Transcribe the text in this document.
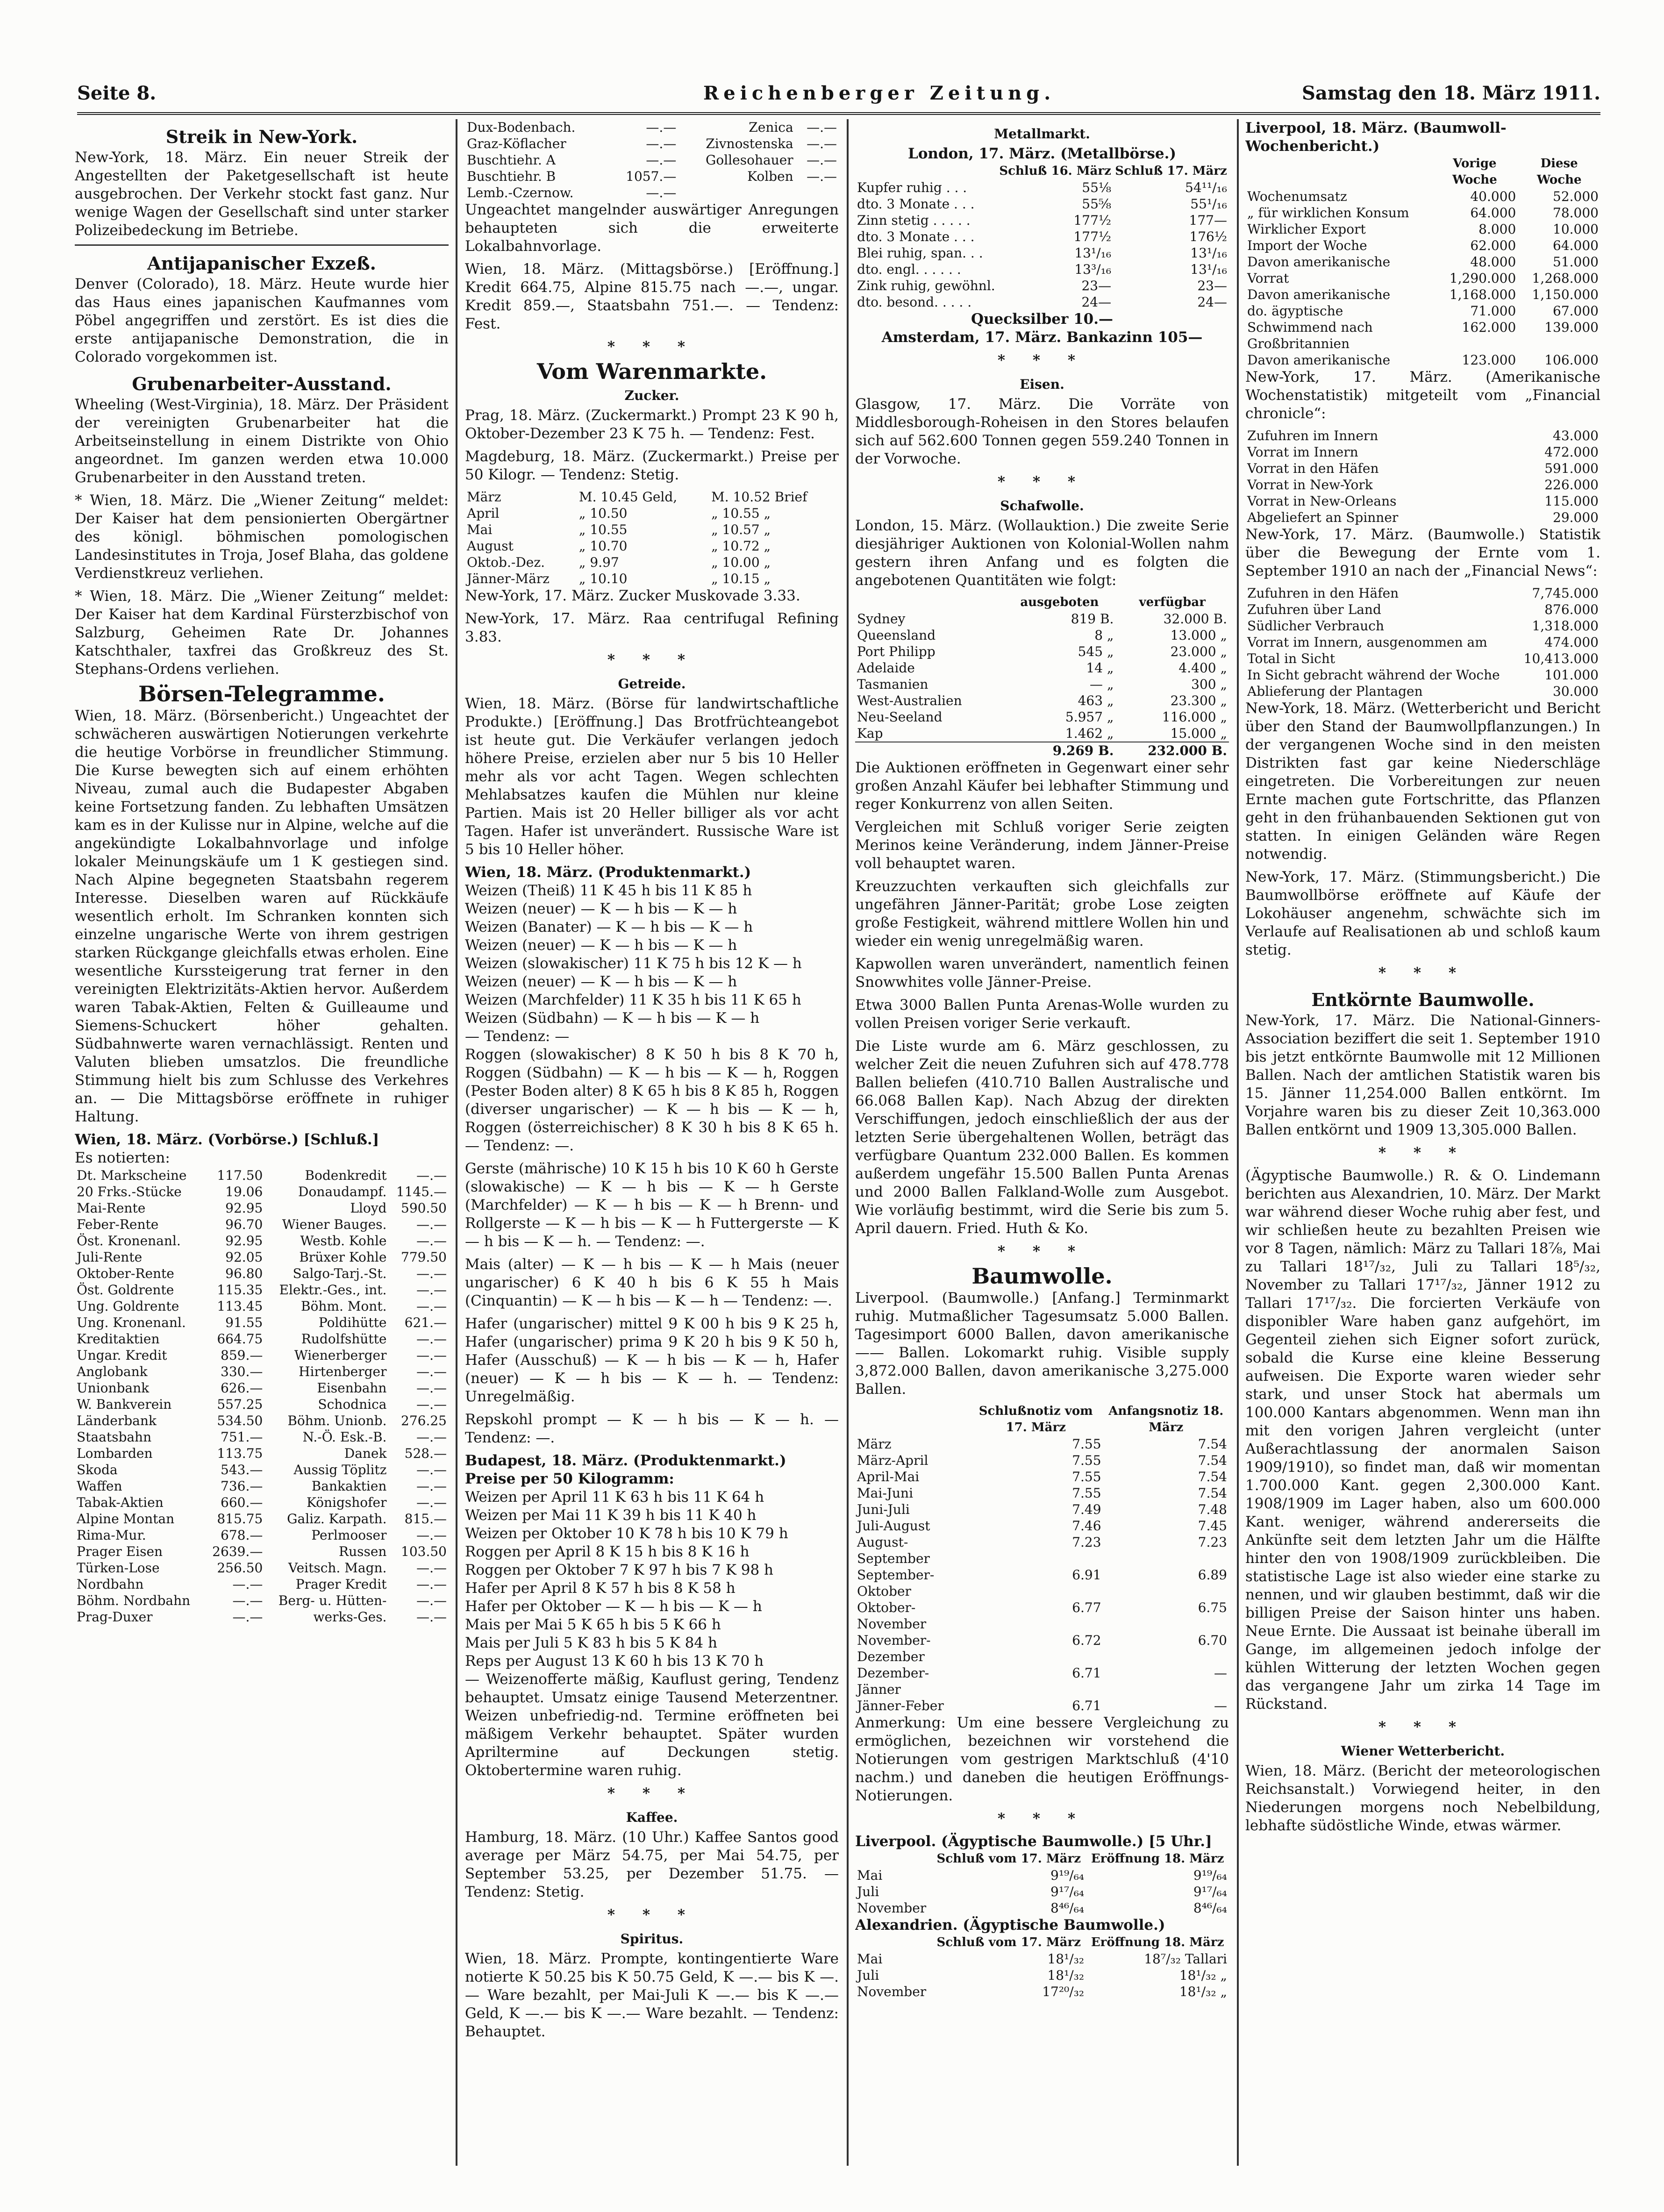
Seite 8.	Reichenberger Zeitung.	Samstag den 18. März 1911.
Streik in New-York.

New-York, 18. März. Ein neuer Streik der Angestellten der Paketgesellschaft ist heute ausgebrochen. Der Verkehr stockt fast ganz. Nur wenige Wagen der Gesellschaft sind unter starker Polizeibedeckung im Betriebe.

Antijapanischer Exzeß.

Denver (Colorado), 18. März. Heute wurde hier das Haus eines japanischen Kaufmannes vom Pöbel angegriffen und zerstört. Es ist dies die erste antijapanische Demonstration, die in Colorado vorgekommen ist.

Grubenarbeiter-Ausstand.

Wheeling (West-Virginia), 18. März. Der Präsident der vereinigten Grubenarbeiter hat die Arbeitseinstellung in einem Distrikte von Ohio angeordnet. Im ganzen werden etwa 10.000 Grubenarbeiter in den Ausstand treten.

* Wien, 18. März. Die „Wiener Zeitung“ meldet: Der Kaiser hat dem pensionierten Obergärtner des königl. böhmischen pomologischen Landesinstitutes in Troja, Josef Blaha, das goldene Verdienstkreuz verliehen.

* Wien, 18. März. Die „Wiener Zeitung“ meldet: Der Kaiser hat dem Kardinal Fürsterzbischof von Salzburg, Geheimen Rate Dr. Johannes Katschthaler, taxfrei das Großkreuz des St. Stephans-Ordens verliehen.

Börsen-Telegramme.

Wien, 18. März. (Börsenbericht.) Ungeachtet der schwächeren auswärtigen Notierungen verkehrte die heutige Vorbörse in freundlicher Stimmung. Die Kurse bewegten sich auf einem erhöhten Niveau, zumal auch die Budapester Abgaben keine Fortsetzung fanden. Zu lebhaften Umsätzen kam es in der Kulisse nur in Alpine, welche auf die angekündigte Lokalbahnvorlage und infolge lokaler Meinungskäufe um 1 K gestiegen sind. Nach Alpine begegneten Staatsbahn regerem Interesse. Dieselben waren auf Rückkäufe wesentlich erholt. Im Schranken konnten sich einzelne ungarische Werte von ihrem gestrigen starken Rückgange gleichfalls etwas erholen. Eine wesentliche Kurssteigerung trat ferner in den vereinigten Elektrizitäts-Aktien hervor. Außerdem waren Tabak-Aktien, Felten & Guilleaume und Siemens-Schuckert höher gehalten. Südbahnwerte waren vernachlässigt. Renten und Valuten blieben umsatzlos. Die freundliche Stimmung hielt bis zum Schlusse des Verkehres an. — Die Mittagsbörse eröffnete in ruhiger Haltung.

Wien, 18. März. (Vorbörse.) [Schluß.]
Es notierten:
Dt. Markscheine	117.50	Bodenkredit	—.—
20 Frks.-Stücke	19.06	Donaudampf.	1145.—
Mai-Rente	92.95	Lloyd	590.50
Feber-Rente	96.70	Wiener Bauges.	—.—
Öst. Kronenanl.	92.95	Westb. Kohle	—.—
Juli-Rente	92.05	Brüxer Kohle	779.50
Oktober-Rente	96.80	Salgo-Tarj.-St.	—.—
Öst. Goldrente	115.35	Elektr.-Ges., int.	—.—
Ung. Goldrente	113.45	Böhm. Mont.	—.—
Ung. Kronenanl.	91.55	Poldihütte	621.—
Kreditaktien	664.75	Rudolfshütte	—.—
Ungar. Kredit	859.—	Wienerberger	—.—
Anglobank	330.—	Hirtenberger	—.—
Unionbank	626.—	Eisenbahn	—.—
W. Bankverein	557.25	Schodnica	—.—
Länderbank	534.50	Böhm. Unionb.	276.25
Staatsbahn	751.—	N.-Ö. Esk.-B.	—.—
Lombarden	113.75	Danek	528.—
Skoda	543.—	Aussig Töplitz	—.—
Waffen	736.—	Bankaktien	—.—
Tabak-Aktien	660.—	Königshofer	—.—
Alpine Montan	815.75	Galiz. Karpath.	815.—
Rima-Mur.	678.—	Perlmooser	—.—
Prager Eisen	2639.—	Russen	103.50
Türken-Lose	256.50	Veitsch. Magn.	—.—
Nordbahn	—.—	Prager Kredit	—.—
Böhm. Nordbahn	—.—	Berg- u. Hütten-	—.—
Prag-Duxer	—.—	werks-Ges.	—.—
Dux-Bodenbach.	—.—	Zenica	—.—
Graz-Köflacher	—.—	Zivnostenska	—.—
Buschtiehr. A	—.—	Gollesohauer	—.—
Buschtiehr. B	1057.—	Kolben	—.—
Lemb.-Czernow.	—.—		

Ungeachtet mangelnder auswärtiger Anregungen behaupteten sich die erweiterte Lokalbahnvorlage.

Wien, 18. März. (Mittagsbörse.) [Eröffnung.] Kredit 664.75, Alpine 815.75 nach —.—, ungar. Kredit 859.—, Staatsbahn 751.—. — Tendenz: Fest.

* * *
Vom Warenmarkte.
Zucker.

Prag, 18. März. (Zuckermarkt.) Prompt 23 K 90 h, Oktober-Dezember 23 K 75 h. — Tendenz: Fest.

Magdeburg, 18. März. (Zuckermarkt.) Preise per 50 Kilogr. — Tendenz: Stetig.

März	M. 10.45 Geld,	M. 10.52 Brief
April	„ 10.50	„ 10.55 „
Mai	„ 10.55	„ 10.57 „
August	„ 10.70	„ 10.72 „
Oktob.-Dez.	„ 9.97	„ 10.00 „
Jänner-März	„ 10.10	„ 10.15 „

New-York, 17. März. Zucker Muskovade 3.33.

New-York, 17. März. Raa centrifugal Refining 3.83.

* * *
Getreide.

Wien, 18. März. (Börse für landwirtschaftliche Produkte.) [Eröffnung.] Das Brotfrüchteangebot ist heute gut. Die Verkäufer verlangen jedoch höhere Preise, erzielen aber nur 5 bis 10 Heller mehr als vor acht Tagen. Wegen schlechten Mehlabsatzes kaufen die Mühlen nur kleine Partien. Mais ist 20 Heller billiger als vor acht Tagen. Hafer ist unverändert. Russische Ware ist 5 bis 10 Heller höher.

Wien, 18. März. (Produktenmarkt.)
Weizen (Theiß) 11 K 45 h bis 11 K 85 h
Weizen (neuer) — K — h bis — K — h
Weizen (Banater) — K — h bis — K — h
Weizen (neuer) — K — h bis — K — h
Weizen (slowakischer) 11 K 75 h bis 12 K — h
Weizen (neuer) — K — h bis — K — h
Weizen (Marchfelder) 11 K 35 h bis 11 K 65 h
Weizen (Südbahn) — K — h bis — K — h
— Tendenz: —

Roggen (slowakischer) 8 K 50 h bis 8 K 70 h, Roggen (Südbahn) — K — h bis — K — h, Roggen (Pester Boden alter) 8 K 65 h bis 8 K 85 h, Roggen (diverser ungarischer) — K — h bis — K — h, Roggen (österreichischer) 8 K 30 h bis 8 K 65 h. — Tendenz: —.

Gerste (mährische) 10 K 15 h bis 10 K 60 h Gerste (slowakische) — K — h bis — K — h Gerste (Marchfelder) — K — h bis — K — h Brenn- und Rollgerste — K — h bis — K — h Futtergerste — K — h bis — K — h. — Tendenz: —.

Mais (alter) — K — h bis — K — h Mais (neuer ungarischer) 6 K 40 h bis 6 K 55 h Mais (Cinquantin) — K — h bis — K — h — Tendenz: —.

Hafer (ungarischer) mittel 9 K 00 h bis 9 K 25 h, Hafer (ungarischer) prima 9 K 20 h bis 9 K 50 h, Hafer (Ausschuß) — K — h bis — K — h, Hafer (neuer) — K — h bis — K — h. — Tendenz: Unregelmäßig.

Repskohl prompt — K — h bis — K — h. — Tendenz: —.

Budapest, 18. März. (Produktenmarkt.) Preise per 50 Kilogramm:
Weizen per April 11 K 63 h bis 11 K 64 h
Weizen per Mai 11 K 39 h bis 11 K 40 h
Weizen per Oktober 10 K 78 h bis 10 K 79 h
Roggen per April 8 K 15 h bis 8 K 16 h
Roggen per Oktober 7 K 97 h bis 7 K 98 h
Hafer per April 8 K 57 h bis 8 K 58 h
Hafer per Oktober — K — h bis — K — h
Mais per Mai 5 K 65 h bis 5 K 66 h
Mais per Juli 5 K 83 h bis 5 K 84 h
Reps per August 13 K 60 h bis 13 K 70 h

— Weizenofferte mäßig, Kauflust gering, Tendenz behauptet. Umsatz einige Tausend Meterzentner. Weizen unbefriedig-nd. Termine eröffneten bei mäßigem Verkehr behauptet. Später wurden Apriltermine auf Deckungen stetig. Oktobertermine waren ruhig.

* * *
Kaffee.

Hamburg, 18. März. (10 Uhr.) Kaffee Santos good average per März 54.75, per Mai 54.75, per September 53.25, per Dezember 51.75. — Tendenz: Stetig.

* * *
Spiritus.

Wien, 18. März. Prompte, kontingentierte Ware notierte K 50.25 bis K 50.75 Geld, K —.— bis K —.— Ware bezahlt, per Mai-Juli K —.— bis K —.— Geld, K —.— bis K —.— Ware bezahlt. — Tendenz: Behauptet.

Metallmarkt.
London, 17. März. (Metallbörse.)
	Schluß 16. März	Schluß 17. März
Kupfer ruhig . . .	55⅛	54¹¹/₁₆
dto. 3 Monate . . .	55⅝	55¹/₁₆
Zinn stetig . . . . .	177½	177—
dto. 3 Monate . . .	177½	176½
Blei ruhig, span. . .	13¹/₁₆	13¹/₁₆
dto. engl. . . . . .	13³/₁₆	13¹/₁₆
Zink ruhig, gewöhnl.	23—	23—
dto. besond. . . . .	24—	24—
Quecksilber 10.—
Amsterdam, 17. März. Bankazinn 105—
* * *
Eisen.

Glasgow, 17. März. Die Vorräte von Middlesborough-Roheisen in den Stores belaufen sich auf 562.600 Tonnen gegen 559.240 Tonnen in der Vorwoche.

* * *
Schafwolle.

London, 15. März. (Wollauktion.) Die zweite Serie diesjähriger Auktionen von Kolonial-Wollen nahm gestern ihren Anfang und es folgten die angebotenen Quantitäten wie folgt:

	ausgeboten	verfügbar
Sydney	819 B.	32.000 B.
Queensland	8 „	13.000 „
Port Philipp	545 „	23.000 „
Adelaide	14 „	4.400 „
Tasmanien	— „	300 „
West-Australien	463 „	23.300 „
Neu-Seeland	5.957 „	116.000 „
Kap	1.462 „	15.000 „
	9.269 B.	232.000 B.

Die Auktionen eröffneten in Gegenwart einer sehr großen Anzahl Käufer bei lebhafter Stimmung und reger Konkurrenz von allen Seiten.

Vergleichen mit Schluß voriger Serie zeigten Merinos keine Veränderung, indem Jänner-Preise voll behauptet waren.

Kreuzzuchten verkauften sich gleichfalls zur ungefähren Jänner-Parität; grobe Lose zeigten große Festigkeit, während mittlere Wollen hin und wieder ein wenig unregelmäßig waren.

Kapwollen waren unverändert, namentlich feinen Snowwhites volle Jänner-Preise.

Etwa 3000 Ballen Punta Arenas-Wolle wurden zu vollen Preisen voriger Serie verkauft.

Die Liste wurde am 6. März geschlossen, zu welcher Zeit die neuen Zufuhren sich auf 478.778 Ballen beliefen (410.710 Ballen Australische und 66.068 Ballen Kap). Nach Abzug der direkten Verschiffungen, jedoch einschließlich der aus der letzten Serie übergehaltenen Wollen, beträgt das verfügbare Quantum 232.000 Ballen. Es kommen außerdem ungefähr 15.500 Ballen Punta Arenas und 2000 Ballen Falkland-Wolle zum Ausgebot. Wie vorläufig bestimmt, wird die Serie bis zum 5. April dauern. Fried. Huth & Ko.

* * *
Baumwolle.

Liverpool. (Baumwolle.) [Anfang.] Terminmarkt ruhig. Mutmaßlicher Tagesumsatz 5.000 Ballen. Tagesimport 6000 Ballen, davon amerikanische —— Ballen. Lokomarkt ruhig. Visible supply 3,872.000 Ballen, davon amerikanische 3,275.000 Ballen.

	Schlußnotiz vom 17. März	Anfangsnotiz 18. März
März	7.55	7.54
März-April	7.55	7.54
April-Mai	7.55	7.54
Mai-Juni	7.55	7.54
Juni-Juli	7.49	7.48
Juli-August	7.46	7.45
August-September	7.23	7.23
September-Oktober	6.91	6.89
Oktober-November	6.77	6.75
November-Dezember	6.72	6.70
Dezember-Jänner	6.71	—
Jänner-Feber	6.71	—

Anmerkung: Um eine bessere Vergleichung zu ermöglichen, bezeichnen wir vorstehend die Notierungen vom gestrigen Marktschluß (4'10 nachm.) und daneben die heutigen Eröffnungs-Notierungen.

* * *
Liverpool. (Ägyptische Baumwolle.) [5 Uhr.]
	Schluß vom 17. März	Eröffnung 18. März
Mai	9¹⁹/₆₄	9¹⁹/₆₄
Juli	9¹⁷/₆₄	9¹⁷/₆₄
November	8⁴⁶/₆₄	8⁴⁶/₆₄
Alexandrien. (Ägyptische Baumwolle.)
	Schluß vom 17. März	Eröffnung 18. März
Mai	18¹/₃₂	18⁷/₃₂ Tallari
Juli	18¹/₃₂	18¹/₃₂ „
November	17²⁰/₃₂	18¹/₃₂ „
Liverpool, 18. März. (Baumwoll-Wochenbericht.)
	Vorige Woche	Diese Woche
Wochenumsatz	40.000	52.000
„ für wirklichen Konsum	64.000	78.000
Wirklicher Export	8.000	10.000
Import der Woche	62.000	64.000
Davon amerikanische	48.000	51.000
Vorrat	1,290.000	1,268.000
Davon amerikanische	1,168.000	1,150.000
do. ägyptische	71.000	67.000
Schwimmend nach Großbritannien	162.000	139.000
Davon amerikanische	123.000	106.000

New-York, 17. März. (Amerikanische Wochenstatistik) mitgeteilt vom „Financial chronicle“:

Zufuhren im Innern	43.000
Vorrat im Innern	472.000
Vorrat in den Häfen	591.000
Vorrat in New-York	226.000
Vorrat in New-Orleans	115.000
Abgeliefert an Spinner	29.000

New-York, 17. März. (Baumwolle.) Statistik über die Bewegung der Ernte vom 1. September 1910 an nach der „Financial News“:

Zufuhren in den Häfen	7,745.000
Zufuhren über Land	876.000
Südlicher Verbrauch	1,318.000
Vorrat im Innern, ausgenommen am	474.000
Total in Sicht	10,413.000
In Sicht gebracht während der Woche	101.000
Ablieferung der Plantagen	30.000

New-York, 18. März. (Wetterbericht und Bericht über den Stand der Baumwollpflanzungen.) In der vergangenen Woche sind in den meisten Distrikten fast gar keine Niederschläge eingetreten. Die Vorbereitungen zur neuen Ernte machen gute Fortschritte, das Pflanzen geht in den frühanbauenden Sektionen gut von statten. In einigen Geländen wäre Regen notwendig.

New-York, 17. März. (Stimmungsbericht.) Die Baumwollbörse eröffnete auf Käufe der Lokohäuser angenehm, schwächte sich im Verlaufe auf Realisationen ab und schloß kaum stetig.

* * *
Entkörnte Baumwolle.

New-York, 17. März. Die National-Ginners-Association beziffert die seit 1. September 1910 bis jetzt entkörnte Baumwolle mit 12 Millionen Ballen. Nach der amtlichen Statistik waren bis 15. Jänner 11,254.000 Ballen entkörnt. Im Vorjahre waren bis zu dieser Zeit 10,363.000 Ballen entkörnt und 1909 13,305.000 Ballen.

* * *

(Ägyptische Baumwolle.) R. & O. Lindemann berichten aus Alexandrien, 10. März. Der Markt war während dieser Woche ruhig aber fest, und wir schließen heute zu bezahlten Preisen wie vor 8 Tagen, nämlich: März zu Tallari 18⅞, Mai zu Tallari 18¹⁷/₃₂, Juli zu Tallari 18⁵/₃₂, November zu Tallari 17¹⁷/₃₂, Jänner 1912 zu Tallari 17¹⁷/₃₂. Die forcierten Verkäufe von disponibler Ware haben ganz aufgehört, im Gegenteil ziehen sich Eigner sofort zurück, sobald die Kurse eine kleine Besserung aufweisen. Die Exporte waren wieder sehr stark, und unser Stock hat abermals um 100.000 Kantars abgenommen. Wenn man ihn mit den vorigen Jahren vergleicht (unter Außerachtlassung der anormalen Saison 1909/1910), so findet man, daß wir momentan 1.700.000 Kant. gegen 2,300.000 Kant. 1908/1909 im Lager haben, also um 600.000 Kant. weniger, während andererseits die Ankünfte seit dem letzten Jahr um die Hälfte hinter den von 1908/1909 zurückbleiben. Die statistische Lage ist also wieder eine starke zu nennen, und wir glauben bestimmt, daß wir die billigen Preise der Saison hinter uns haben. Neue Ernte. Die Aussaat ist beinahe überall im Gange, im allgemeinen jedoch infolge der kühlen Witterung der letzten Wochen gegen das vergangene Jahr um zirka 14 Tage im Rückstand.

* * *
Wiener Wetterbericht.

Wien, 18. März. (Bericht der meteorologischen Reichsanstalt.) Vorwiegend heiter, in den Niederungen morgens noch Nebelbildung, lebhafte südöstliche Winde, etwas wärmer.
